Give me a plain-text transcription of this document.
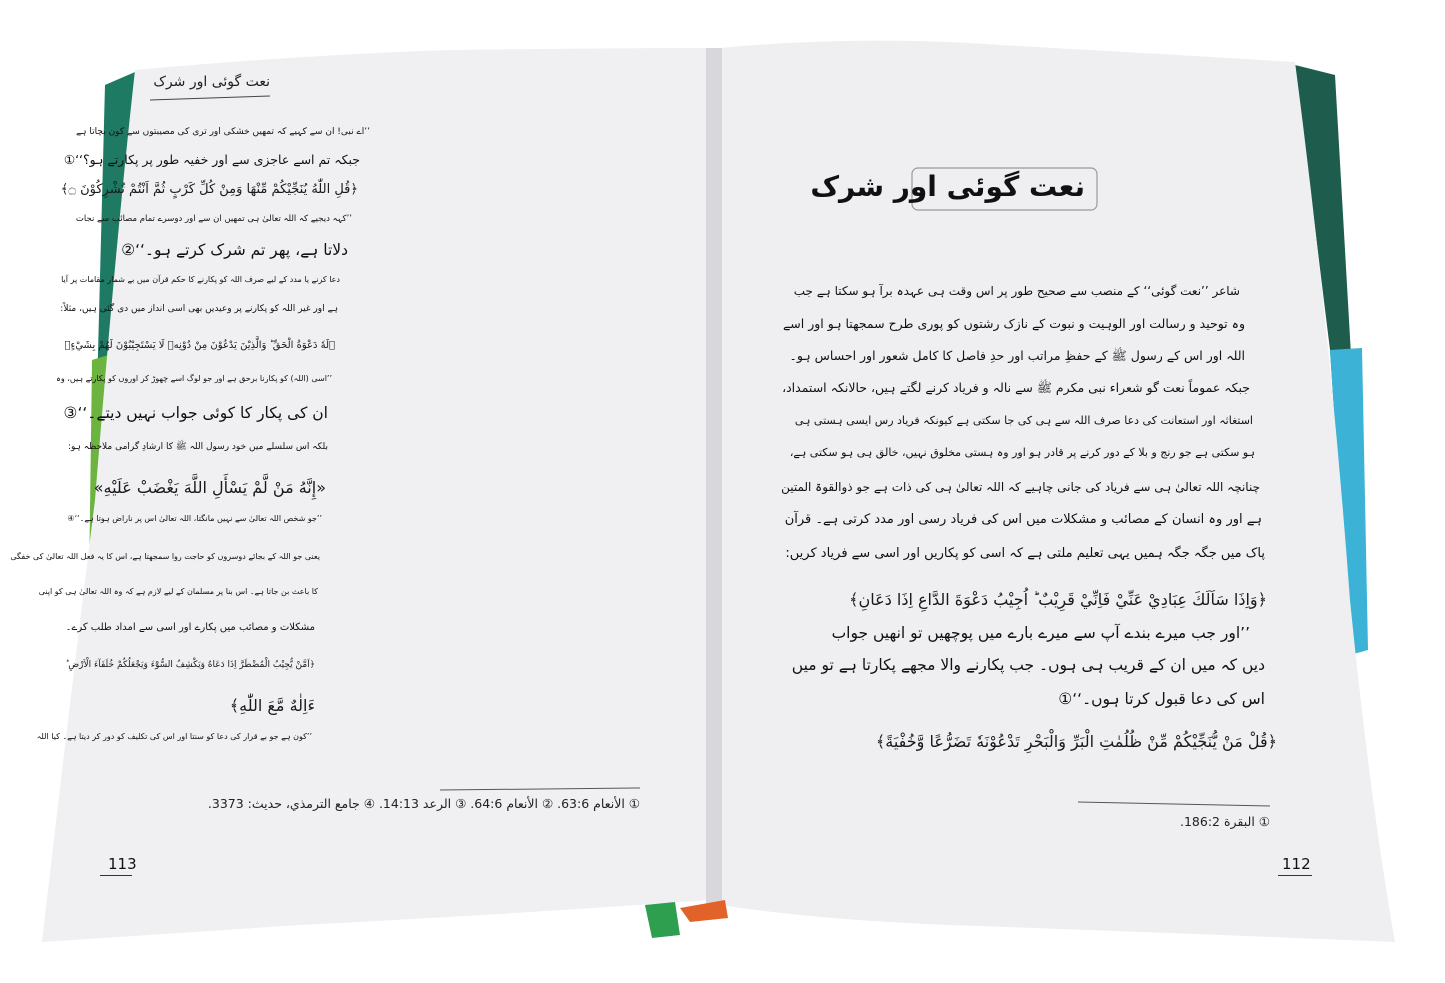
نعت گوئی اور شرک
’’اے نبی! ان سے کہیے کہ تمھیں خشکی اور تری کی مصیبتوں سے کون بچاتا ہے
جبکہ تم اسے عاجزی سے اور خفیہ طور پر پکارتے ہو؟‘‘①
﴿قُلِ اللّٰهُ يُنَجِّيْكُمْ مِّنْهَا وَمِنْ كُلِّ كَرْبٍ ثُمَّ اَنْتُمْ تُشْرِكُوْنَ ۝﴾
’’کہہ دیجیے کہ اللہ تعالیٰ ہی تمھیں ان سے اور دوسرے تمام مصائب سے نجات
دلاتا ہے، پھر تم شرک کرتے ہو۔‘‘②
دعا کرنے یا مدد کے لیے صرف اللہ کو پکارنے کا حکم قرآن میں بے شمار مقامات پر آیا
ہے اور غیر اللہ کو پکارنے پر وعیدیں بھی اسی انداز میں دی گئی ہیں، مثلاً:
﴿لَهٗ دَعْوَةُ الْحَقِّ ؕ وَالَّذِيْنَ يَدْعُوْنَ مِنْ دُوْنِهٖ لَا يَسْتَجِيْبُوْنَ لَهُمْ بِشَيْءٍ﴾
’’اسی (اللہ) کو پکارنا برحق ہے اور جو لوگ اسے چھوڑ کر اوروں کو پکارتے ہیں، وہ
ان کی پکار کا کوئی جواب نہیں دیتے۔‘‘③
بلکہ اس سلسلے میں خود رسول اللہ ﷺ کا ارشادِ گرامی ملاحظہ ہو:
«إِنَّهُ مَنْ لَّمْ يَسْأَلِ اللَّهَ يَغْضَبْ عَلَيْهِ»
’’جو شخص اللہ تعالیٰ سے نہیں مانگتا، اللہ تعالیٰ اس پر ناراض ہوتا ہے۔‘‘④
یعنی جو اللہ کے بجائے دوسروں کو حاجت روا سمجھتا ہے، اس کا یہ فعل اللہ تعالیٰ کی خفگی
کا باعث بن جاتا ہے۔ اس بنا پر مسلمان کے لیے لازم ہے کہ وہ اللہ تعالیٰ ہی کو اپنی
مشکلات و مصائب میں پکارے اور اسی سے امداد طلب کرے۔
﴿اَمَّنْ يُّجِيْبُ الْمُضْطَرَّ اِذَا دَعَاهُ وَيَكْشِفُ السُّوْٓءَ وَيَجْعَلُكُمْ خُلَفَآءَ الْاَرْضِ ؕ
ءَاِلٰهٌ مَّعَ اللّٰهِ﴾
’’کون ہے جو بے قرار کی دعا کو سنتا اور اس کی تکلیف کو دور کر دیتا ہے۔ کیا اللہ
① الأنعام 63:6. ② الأنعام 64:6. ③ الرعد 14:13. ④ جامع الترمذي، حديث: 3373.
113
نعت گوئی اور شرک
شاعر ’’نعت گوئی‘‘ کے منصب سے صحیح طور پر اس وقت ہی عہدہ برآ ہو سکتا ہے جب
وہ توحید و رسالت اور الوہیت و نبوت کے نازک رشتوں کو پوری طرح سمجھتا ہو اور اسے
اللہ اور اس کے رسول ﷺ کے حفظِ مراتب اور حدِ فاصل کا کامل شعور اور احساس ہو۔
جبکہ عموماً نعت گو شعراء نبی مکرم ﷺ سے نالہ و فریاد کرنے لگتے ہیں، حالانکہ استمداد،
استغاثہ اور استعانت کی دعا صرف اللہ سے ہی کی جا سکتی ہے کیونکہ فریاد رس ایسی ہستی ہی
ہو سکتی ہے جو رنج و بلا کے دور کرنے پر قادر ہو اور وہ ہستی مخلوق نہیں، خالق ہی ہو سکتی ہے،
چنانچہ اللہ تعالیٰ ہی سے فریاد کی جانی چاہیے کہ اللہ تعالیٰ ہی کی ذات ہے جو ذوالقوۃ المتین
ہے اور وہ انسان کے مصائب و مشکلات میں اس کی فریاد رسی اور مدد کرتی ہے۔ قرآن
پاک میں جگہ جگہ ہمیں یہی تعلیم ملتی ہے کہ اسی کو پکاریں اور اسی سے فریاد کریں:
﴿وَاِذَا سَاَلَكَ عِبَادِيْ عَنِّيْ فَاِنِّيْ قَرِيْبٌ ؕ اُجِيْبُ دَعْوَةَ الدَّاعِ اِذَا دَعَانِ﴾
’’اور جب میرے بندے آپ سے میرے بارے میں پوچھیں تو انھیں جواب
دیں کہ میں ان کے قریب ہی ہوں۔ جب پکارنے والا مجھے پکارتا ہے تو میں
اس کی دعا قبول کرتا ہوں۔‘‘①
﴿قُلْ مَنْ يُّنَجِّيْكُمْ مِّنْ ظُلُمٰتِ الْبَرِّ وَالْبَحْرِ تَدْعُوْنَهٗ تَضَرُّعًا وَّخُفْيَةً﴾
① البقرة 186:2.
112
